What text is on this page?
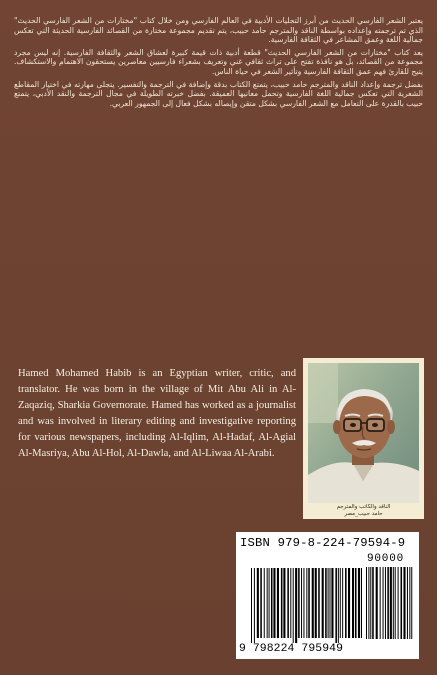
يعتبر الشعر الفارسي الحديث من أبرز التجليات الأدبية في العالم الفارسي ومن خلال كتاب "مختارات من الشعر الفارسي الحديث" الذي تم ترجمته وإعداده بواسطة الناقد والمترجم حامد حبيب، يتم تقديم مجموعة مختارة من القصائد الفارسية الحديثة التي تعكس جمالية اللغة وعمق المشاعر في الثقافة الفارسية.

يعد كتاب "مختارات من الشعر الفارسي الحديث" قطعة أدبية ذات قيمة كبيرة لعشاق الشعر والثقافة الفارسية. إنه ليس مجرد مجموعة من القصائد، بل هو نافذة تفتح على تراث ثقافي غني وتعريف بشعراء فارسيين معاصرين يستحقون الاهتمام والاستكشاف. يتيح للقارئ فهم عمق الثقافة الفارسية وتأثير الشعر في حياة الناس.

بفضل ترجمة وإعداد الناقد والمترجم حامد حبيب، يتمتع الكتاب بدقة وإضافة في الترجمة والتفسير. يتجلى مهارته في اختيار المقاطع الشعرية التي تعكس جمالية اللغة الفارسية وتحمل معانيها العميقة. بفضل خبرته الطويلة في مجال الترجمة والنقد الأدبي، يتمتع حبيب بالقدرة على التعامل مع الشعر الفارسي بشكل متقن وإيصاله بشكل فعال إلى الجمهور العربي.

Hamed Mohamed Habib is an Egyptian writer, critic, and translator. He was born in the village of Mit Abu Ali in Al-Zaqaziq, Sharkia Governorate. Hamed has worked as a journalist and was involved in literary editing and investigative reporting for various newspapers, including Al-Iqlim, Al-Hadaf, Al-Agial Al-Masriya, Abu Al-Hol, Al-Dawla, and Al-Liwaa Al-Arabi.

الناقد والكاتب والمترجم
حامد حبيب_مصر
ISBN 979-8-224-79594-9
90000
9 798224 795949
